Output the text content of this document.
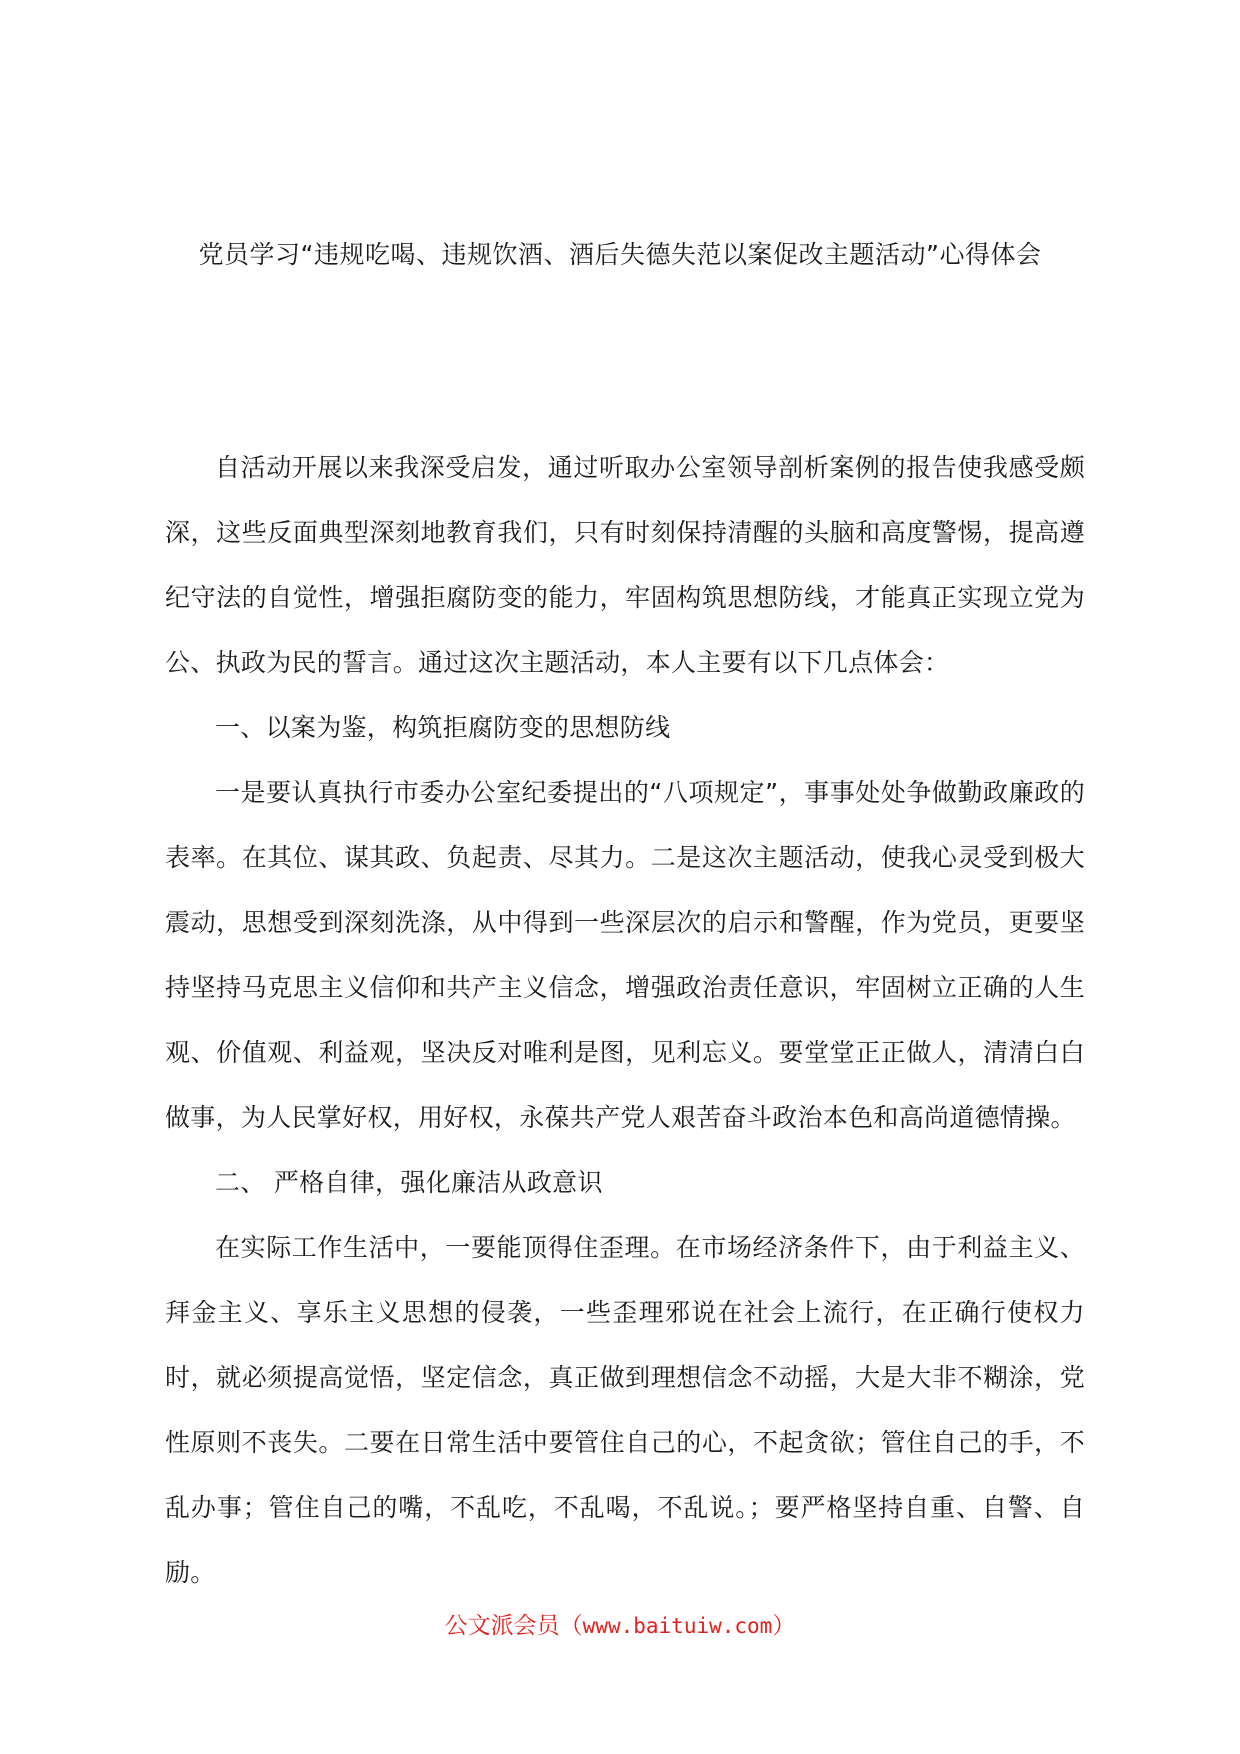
党员学习“违规吃喝、违规饮酒、酒后失德失范以案促改主题活动”心得体会

自活动开展以来我深受启发，通过听取办公室领导剖析案例的报告使我感受颇深，这些反面典型深刻地教育我们，只有时刻保持清醒的头脑和高度警惕，提高遵纪守法的自觉性，增强拒腐防变的能力，牢固构筑思想防线，才能真正实现立党为公、执政为民的誓言。通过这次主题活动，本人主要有以下几点体会：

一、以案为鉴，构筑拒腐防变的思想防线

一是要认真执行市委办公室纪委提出的“八项规定”，事事处处争做勤政廉政的表率。在其位、谋其政、负起责、尽其力。二是这次主题活动，使我心灵受到极大震动，思想受到深刻洗涤，从中得到一些深层次的启示和警醒，作为党员，更要坚持坚持马克思主义信仰和共产主义信念，增强政治责任意识，牢固树立正确的人生观、价值观、利益观，坚决反对唯利是图，见利忘义。要堂堂正正做人，清清白白做事，为人民掌好权，用好权，永葆共产党人艰苦奋斗政治本色和高尚道德情操。

二、 严格自律，强化廉洁从政意识

在实际工作生活中，一要能顶得住歪理。在市场经济条件下，由于利益主义、拜金主义、享乐主义思想的侵袭，一些歪理邪说在社会上流行，在正确行使权力时，就必须提高觉悟，坚定信念，真正做到理想信念不动摇，大是大非不糊涂，党性原则不丧失。二要在日常生活中要管住自己的心，不起贪欲；管住自己的手，不乱办事；管住自己的嘴，不乱吃，不乱喝，不乱说。；要严格坚持自重、自警、自励。

公文派会员（www.baituiw.com）
